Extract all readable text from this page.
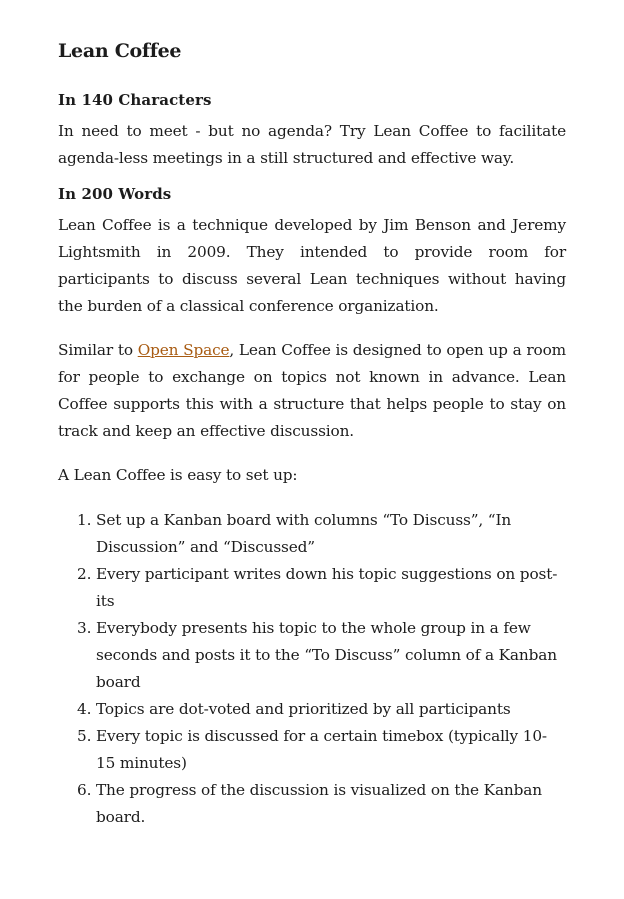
Lean Coffee
In 140 Characters

In need to meet - but no agenda? Try Lean Coffee to facilitate agenda-less meetings in a still structured and effective way.

In 200 Words

Lean Coffee is a technique developed by Jim Benson and Jeremy Lightsmith in 2009. They intended to provide room for participants to discuss several Lean techniques without having the burden of a classical conference organization.

Similar to Open Space, Lean Coffee is designed to open up a room for people to exchange on topics not known in advance. Lean Coffee supports this with a structure that helps people to stay on track and keep an effective discussion.

A Lean Coffee is easy to set up:

1. Set up a Kanban board with columns “To Discuss”, “In Discussion” and “Discussed”
2. Every participant writes down his topic suggestions on post-its
3. Everybody presents his topic to the whole group in a few seconds and posts it to the “To Discuss” column of a Kanban board
4. Topics are dot-voted and prioritized by all participants
5. Every topic is discussed for a certain timebox (typically 10-15 minutes)
6. The progress of the discussion is visualized on the Kanban board.
